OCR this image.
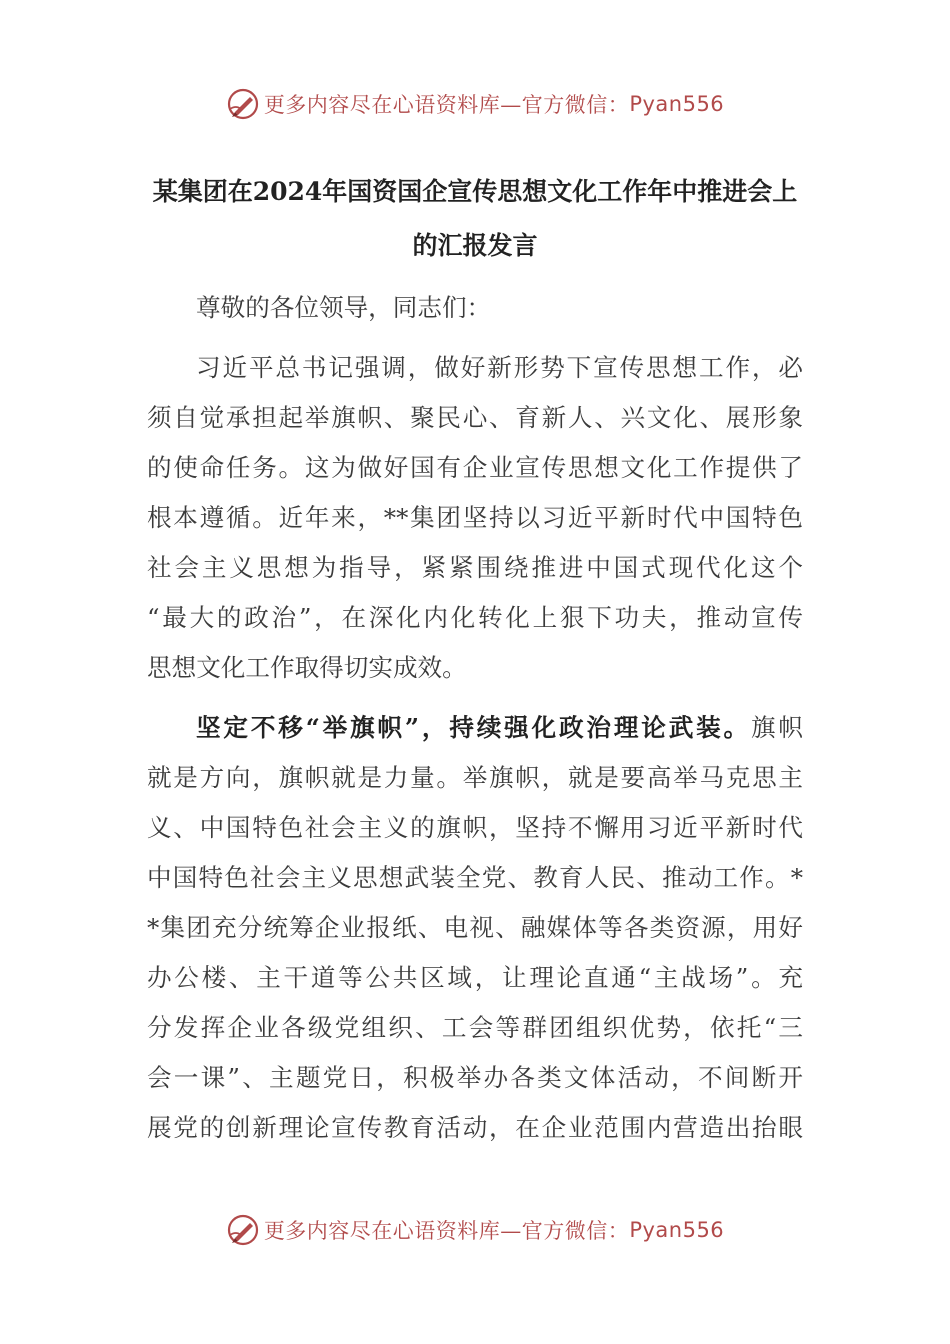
更多内容尽在心语资料库—官方微信： Pyan556
某集团在2024年国资国企宣传思想文化工作年中推进会上
的汇报发言
尊敬的各位领导，同志们：
习近平总书记强调，做好新形势下宣传思想工作，必
须自觉承担起举旗帜、聚民心、育新人、兴文化、展形象
的使命任务。这为做好国有企业宣传思想文化工作提供了
根本遵循。近年来，**集团坚持以习近平新时代中国特色
社会主义思想为指导，紧紧围绕推进中国式现代化这个
“最大的政治”，在深化内化转化上狠下功夫，推动宣传
思想文化工作取得切实成效。
坚定不移“举旗帜”，持续强化政治理论武装。旗帜
就是方向，旗帜就是力量。举旗帜，就是要高举马克思主
义、中国特色社会主义的旗帜，坚持不懈用习近平新时代
中国特色社会主义思想武装全党、教育人民、推动工作。*
*集团充分统筹企业报纸、电视、融媒体等各类资源，用好
办公楼、主干道等公共区域，让理论直通“主战场”。充
分发挥企业各级党组织、工会等群团组织优势，依托“三
会一课”、主题党日，积极举办各类文体活动，不间断开
展党的创新理论宣传教育活动，在企业范围内营造出抬眼
更多内容尽在心语资料库—官方微信： Pyan556
